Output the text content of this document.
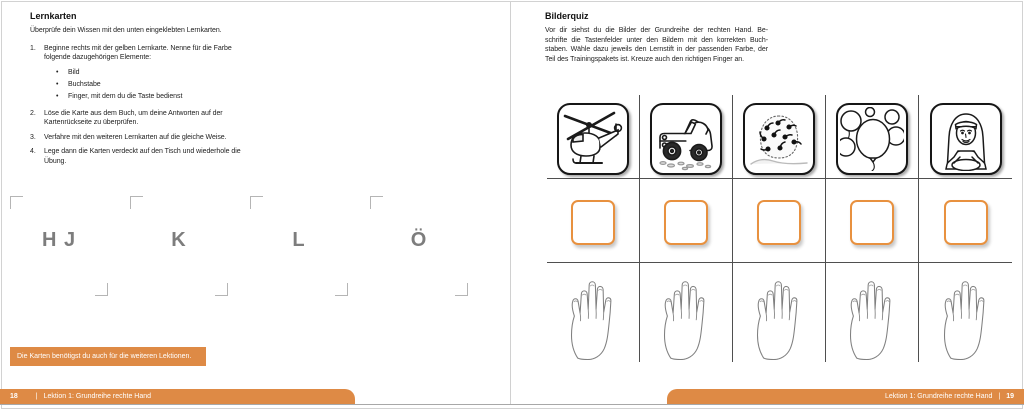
Lernkarten
Überprüfe dein Wissen mit den unten eingeklebten Lernkarten.
1.	Beginne rechts mit der gelben Lernkarte. Nenne für die Farbe folgende dazugehörigen Elemente:
•	Bild
•	Buchstabe
•	Finger, mit dem du die Taste bedienst
2.	Löse die Karte aus dem Buch, um deine Antworten auf der Kartenrückseite zu überprüfen.
3.	Verfahre mit den weiteren Lernkarten auf die gleiche Weise.
4.	Lege dann die Karten verdeckt auf den Tisch und wiederhole die Übung.
H J	K	L	Ö
Die Karten benötigst du auch für die weiteren Lektionen.
18	| Lektion 1: Grundreihe rechte Hand
Bilderquiz
Vor dir siehst du die Bilder der Grundreihe der rechten Hand. Be-
schrifte die Tastenfelder unter den Bildern mit den korrekten Buch-
staben. Wähle dazu jeweils den Lernstift in der passenden Farbe, der
Teil des Trainingspakets ist. Kreuze auch den richtigen Finger an.
Lektion 1: Grundreihe rechte Hand | 19
